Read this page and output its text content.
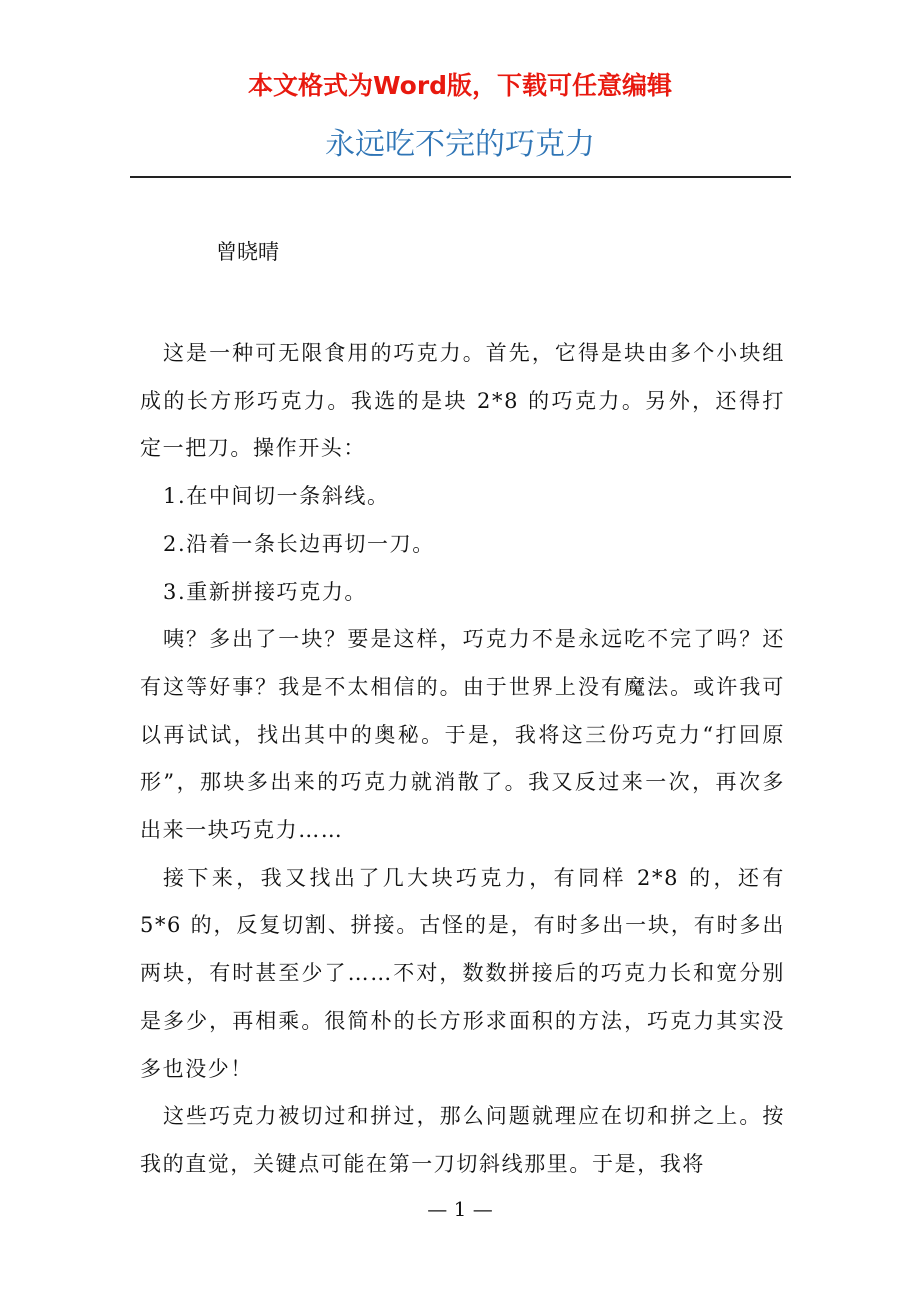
本文格式为Word版，下载可任意编辑

永远吃不完的巧克力

曾晓晴

这是一种可无限食用的巧克力。首先，它得是块由多个小块组成的长方形巧克力。我选的是块 2*8 的巧克力。另外，还得打定一把刀。操作开头：

1.在中间切一条斜线。

2.沿着一条长边再切一刀。

3.重新拼接巧克力。

咦？多出了一块？要是这样，巧克力不是永远吃不完了吗？还有这等好事？我是不太相信的。由于世界上没有魔法。或许我可以再试试，找出其中的奥秘。于是，我将这三份巧克力“打回原形”，那块多出来的巧克力就消散了。我又反过来一次，再次多出来一块巧克力……

接下来，我又找出了几大块巧克力，有同样 2*8 的，还有 5*6 的，反复切割、拼接。古怪的是，有时多出一块，有时多出两块，有时甚至少了……不对，数数拼接后的巧克力长和宽分别是多少，再相乘。很简朴的长方形求面积的方法，巧克力其实没多也没少！

这些巧克力被切过和拼过，那么问题就理应在切和拼之上。按我的直觉，关键点可能在第一刀切斜线那里。于是，我将

— 1 —
